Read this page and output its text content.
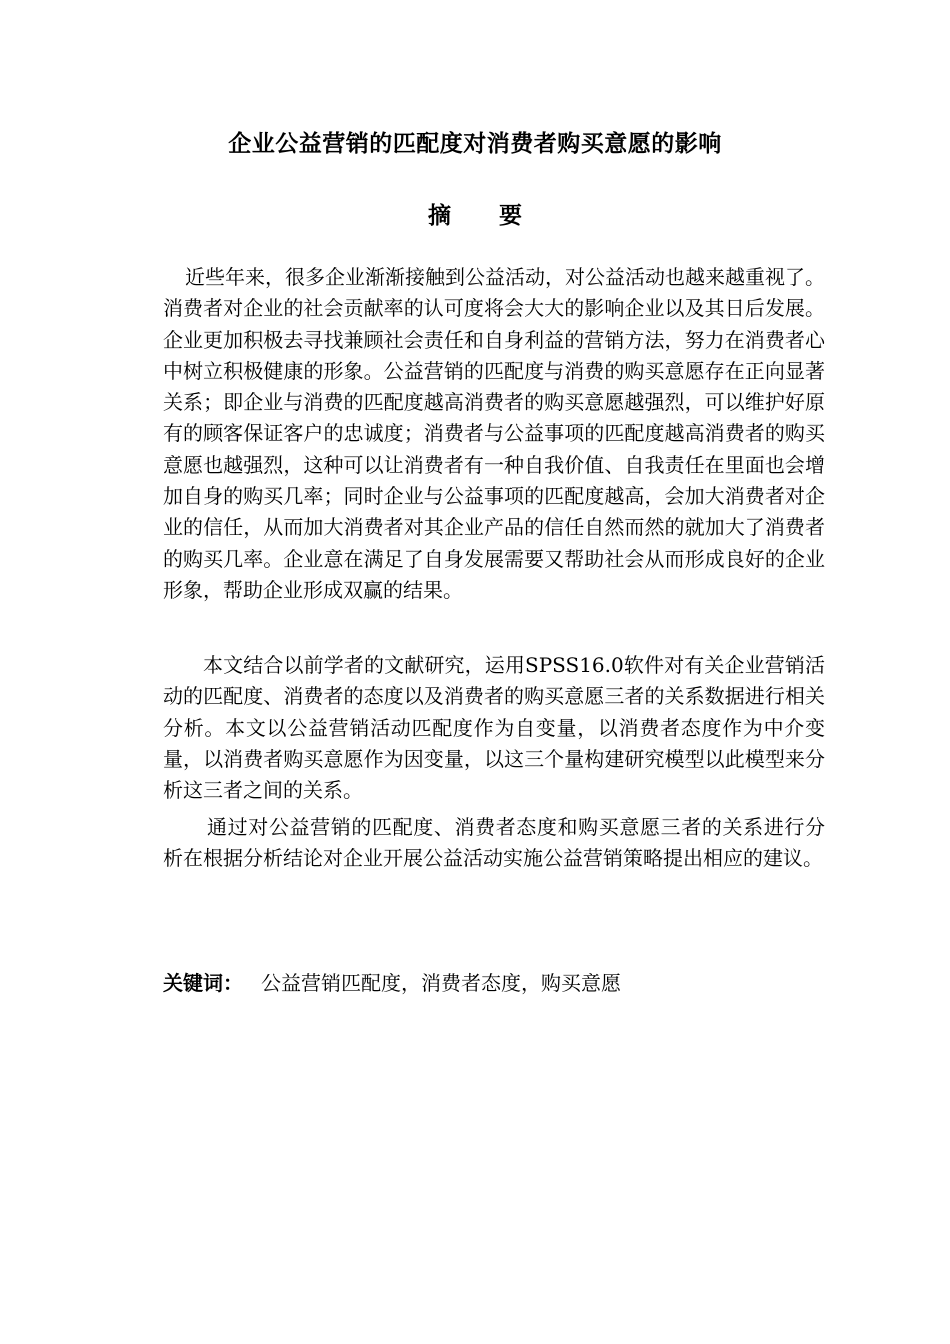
企业公益营销的匹配度对消费者购买意愿的影响
摘要

近些年来，很多企业渐渐接触到公益活动，对公益活动也越来越重视了。消费者对企业的社会贡献率的认可度将会大大的影响企业以及其日后发展。企业更加积极去寻找兼顾社会责任和自身利益的营销方法，努力在消费者心中树立积极健康的形象。公益营销的匹配度与消费的购买意愿存在正向显著关系；即企业与消费的匹配度越高消费者的购买意愿越强烈，可以维护好原有的顾客保证客户的忠诚度；消费者与公益事项的匹配度越高消费者的购买意愿也越强烈，这种可以让消费者有一种自我价值、自我责任在里面也会增加自身的购买几率；同时企业与公益事项的匹配度越高，会加大消费者对企业的信任，从而加大消费者对其企业产品的信任自然而然的就加大了消费者的购买几率。企业意在满足了自身发展需要又帮助社会从而形成良好的企业形象，帮助企业形成双赢的结果。

本文结合以前学者的文献研究，运用SPSS16.0软件对有关企业营销活动的匹配度、消费者的态度以及消费者的购买意愿三者的关系数据进行相关分析。本文以公益营销活动匹配度作为自变量，以消费者态度作为中介变量，以消费者购买意愿作为因变量，以这三个量构建研究模型以此模型来分析这三者之间的关系。

通过对公益营销的匹配度、消费者态度和购买意愿三者的关系进行分析在根据分析结论对企业开展公益活动实施公益营销策略提出相应的建议。

关键词： 公益营销匹配度，消费者态度，购买意愿
